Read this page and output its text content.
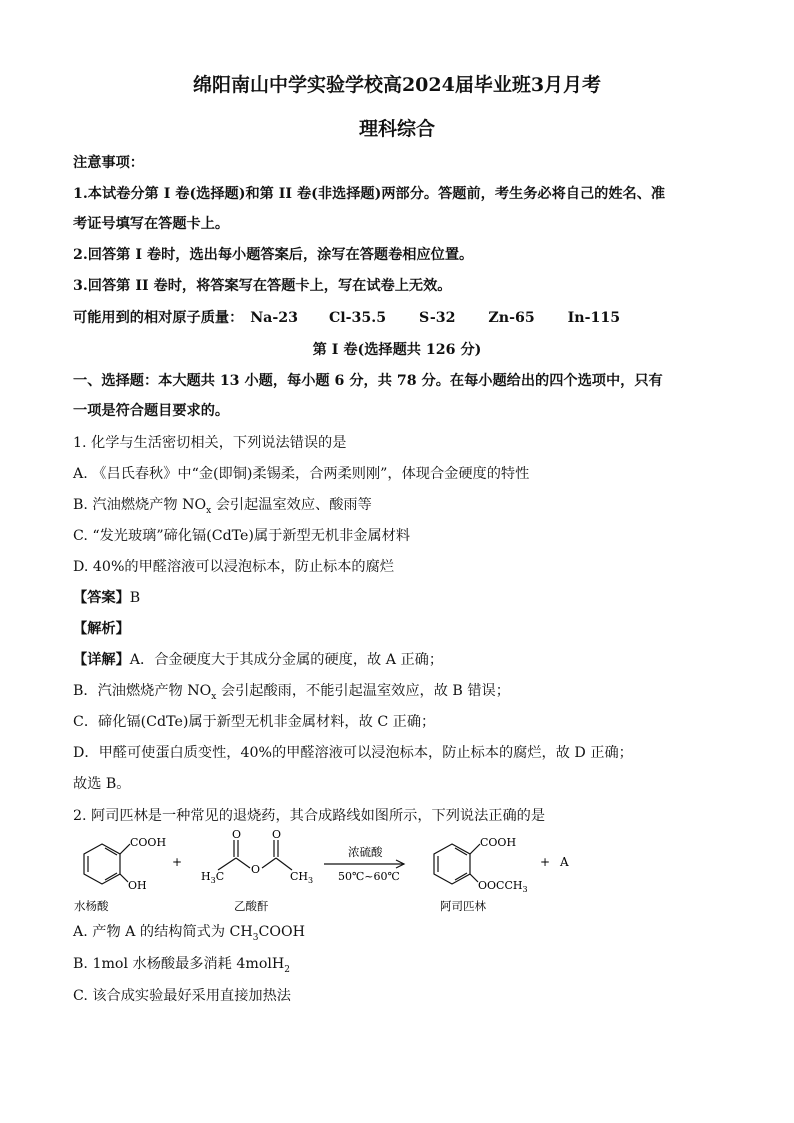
绵阳南山中学实验学校高2024届毕业班3月月考
理科综合
注意事项：
1.本试卷分第 I 卷(选择题)和第 II 卷(非选择题)两部分。答题前，考生务必将自己的姓名、准
考证号填写在答题卡上。
2.回答第 I 卷时，选出每小题答案后，涂写在答题卷相应位置。
3.回答第 II 卷时，将答案写在答题卡上，写在试卷上无效。
可能用到的相对原子质量： Na-23 Cl-35.5 S-32 Zn-65 In-115
第 I 卷(选择题共 126 分)
一、选择题：本大题共 13 小题，每小题 6 分，共 78 分。在每小题给出的四个选项中，只有
一项是符合题目要求的。
1. 化学与生活密切相关，下列说法错误的是
A. 《吕氏春秋》中“金(即铜)柔锡柔，合两柔则刚”，体现合金硬度的特性
B. 汽油燃烧产物 $NO_x$ 会引起温室效应、酸雨等
C. “发光玻璃”碲化镉(CdTe)属于新型无机非金属材料
D. 40%的甲醛溶液可以浸泡标本，防止标本的腐烂
【答案】B
【解析】
【详解】A．合金硬度大于其成分金属的硬度，故 A 正确；
B．汽油燃烧产物 $NO_x$ 会引起酸雨，不能引起温室效应，故 B 错误；
C．碲化镉(CdTe)属于新型无机非金属材料，故 C 正确；
D．甲醛可使蛋白质变性，40%的甲醛溶液可以浸泡标本，防止标本的腐烂，故 D 正确；
故选 B。
2. 阿司匹林是一种常见的退烧药，其合成路线如图所示，下列说法正确的是
COOH
OH
水杨酸
+
O
O
O
$H_3C$	$CH_3$
乙酸酐
浓硫酸
50℃~60℃
COOH
$OOCCH_3$
阿司匹林
+ A
A. 产物 A 的结构简式为 $CH_3COOH$
B. 1mol 水杨酸最多消耗 4molH$_2$
C. 该合成实验最好采用直接加热法
